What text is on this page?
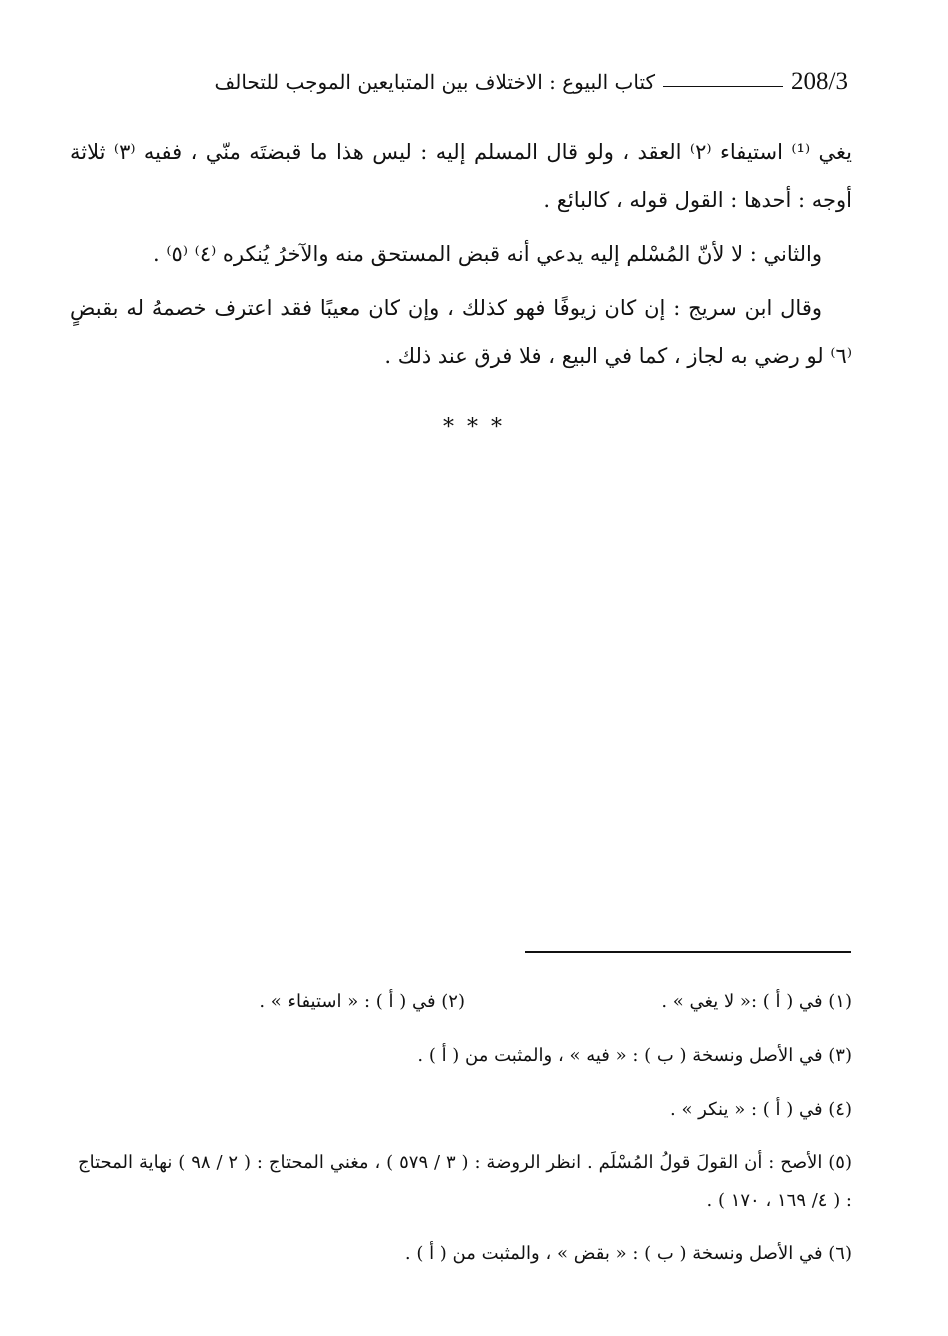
208/3
كتاب البيوع : الاختلاف بين المتبايعين الموجب للتحالف

يغي ⁽¹⁾ استيفاء ⁽٢⁾ العقد ، ولو قال المسلم إليه : ليس هذا ما قبضتَه منّي ، ففيه ⁽٣⁾ ثلاثة أوجه : أحدها : القول قوله ، كالبائع .

والثاني : لا لأنّ المُسْلم إليه يدعي أنه قبض المستحق منه والآخرُ يُنكره ⁽٤⁾ ⁽٥⁾ .

وقال ابن سريج : إن كان زيوفًا فهو كذلك ، وإن كان معيبًا فقد اعترف خصمهُ له بقبضٍ ⁽٦⁾ لو رضي به لجاز ، كما في البيع ، فلا فرق عند ذلك .

* * *
(١) في ( أ ) :« لا يغي » .
(٢) في ( أ ) : « استيفاء » .
(٣) في الأصل ونسخة ( ب ) : « فيه » ، والمثبت من ( أ ) .
(٤) في ( أ ) : « ينكر » .
(٥) الأصح : أن القولَ قولُ المُسْلَم . انظر الروضة : ( ٣ / ٥٧٩ ) ، مغني المحتاج : ( ٢ / ٩٨ ) نهاية المحتاج : ( ٤/ ١٦٩ ، ١٧٠ ) .
(٦) في الأصل ونسخة ( ب ) : « بقض » ، والمثبت من ( أ ) .
